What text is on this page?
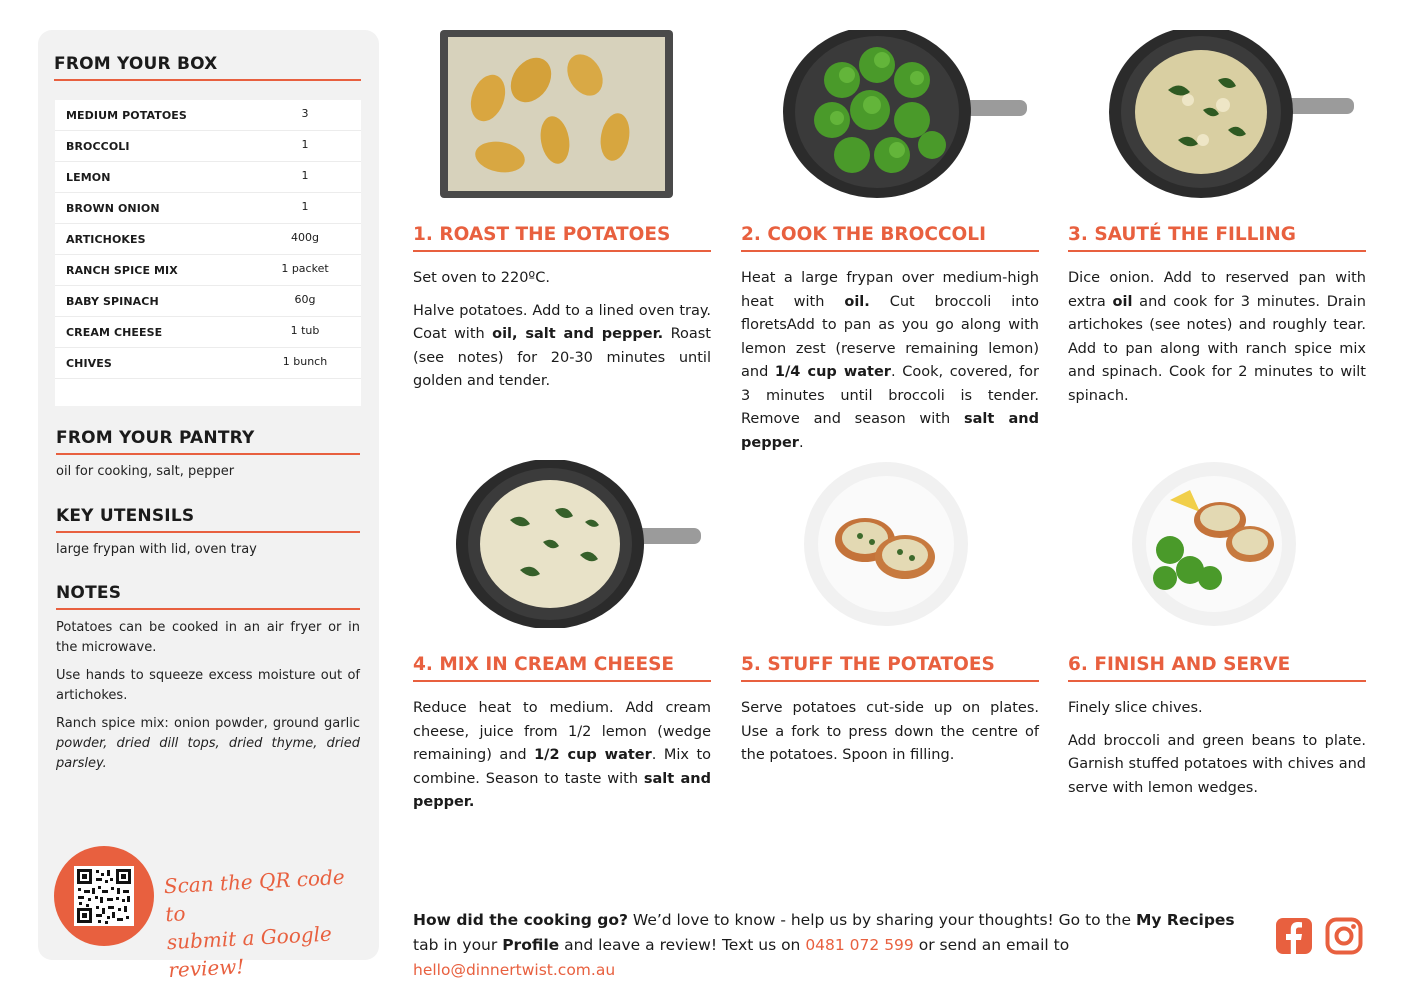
FROM YOUR BOX
MEDIUM POTATOES	3
BROCCOLI	1
LEMON	1
BROWN ONION	1
ARTICHOKES	400g
RANCH SPICE MIX	1 packet
BABY SPINACH	60g
CREAM CHEESE	1 tub
CHIVES	1 bunch
FROM YOUR PANTRY
oil for cooking, salt, pepper
KEY UTENSILS
large frypan with lid, oven tray
NOTES

Potatoes can be cooked in an air fryer or in the microwave.

Use hands to squeeze excess moisture out of artichokes.

Ranch spice mix: onion powder, ground garlic powder, dried dill tops, dried thyme, dried parsley.

Scan the QR code to
submit a Google review!
1. ROAST THE POTATOES

Set oven to 220ºC.

Halve potatoes. Add to a lined oven tray. Coat with oil, salt and pepper. Roast (see notes) for 20-30 minutes until golden and tender.

2. COOK THE BROCCOLI

Heat a large frypan over medium-high heat with oil. Cut broccoli into floretsAdd to pan as you go along with lemon zest (reserve remaining lemon) and 1/4 cup water. Cook, covered, for 3 minutes until broccoli is tender. Remove and season with salt and pepper.

3. SAUTÉ THE FILLING

Dice onion. Add to reserved pan with extra oil and cook for 3 minutes. Drain artichokes (see notes) and roughly tear. Add to pan along with ranch spice mix and spinach. Cook for 2 minutes to wilt spinach.

4. MIX IN CREAM CHEESE

Reduce heat to medium. Add cream cheese, juice from 1/2 lemon (wedge remaining) and 1/2 cup water. Mix to combine. Season to taste with salt and pepper.

5. STUFF THE POTATOES

Serve potatoes cut-side up on plates. Use a fork to press down the centre of the potatoes. Spoon in filling.

6. FINISH AND SERVE

Finely slice chives.

Add broccoli and green beans to plate. Garnish stuffed potatoes with chives and serve with lemon wedges.

How did the cooking go? We’d love to know - help us by sharing your thoughts! Go to the My Recipes tab in your Profile and leave a review! Text us on 0481 072 599 or send an email to hello@dinnertwist.com.au
